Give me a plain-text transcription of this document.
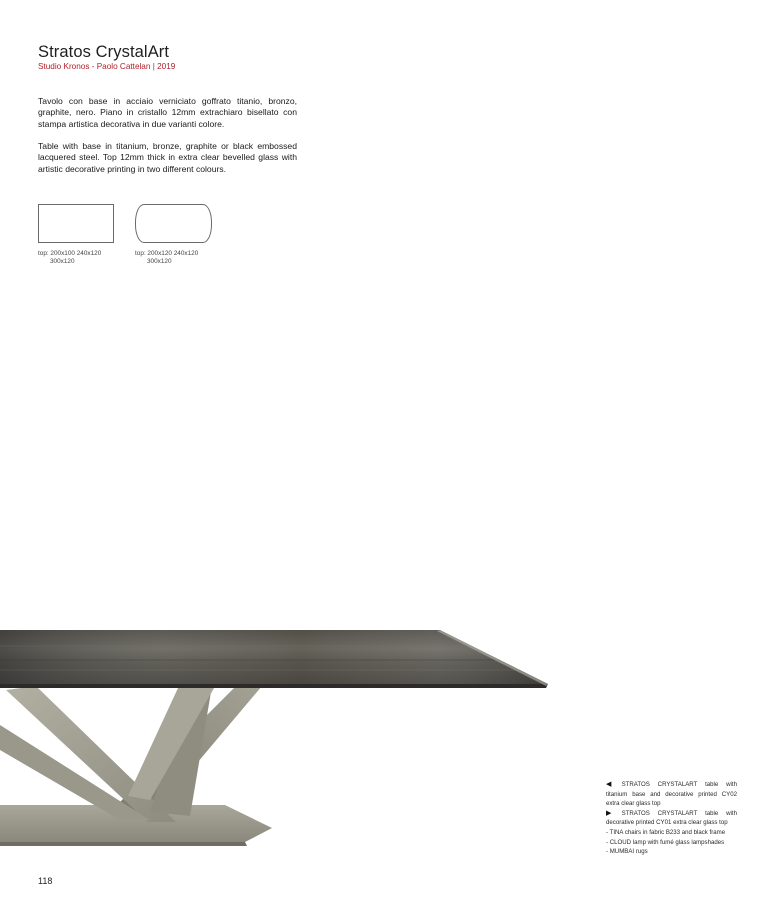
Stratos CrystalArt
Studio Kronos - Paolo Cattelan | 2019
Tavolo con base in acciaio verniciato goffrato titanio, bronzo, graphite, nero. Piano in cristallo 12mm extrachiaro bisellato con stampa artistica decorativa in due varianti colore.
Table with base in titanium, bronze, graphite or black embossed lacquered steel. Top 12mm thick in extra clear bevelled glass with artistic decorative printing in two different colours.
top: 200x100 240x120
300x120
top: 200x120 240x120
300x120
◀ STRATOS CRYSTALART table with
titanium base and decorative printed CY02
extra clear glass top
▶ STRATOS CRYSTALART table with
decorative printed CY01 extra clear glass top
- TINA chairs in fabric B233 and black frame
- CLOUD lamp with fumé glass lampshades
- MUMBAI rugs
118
